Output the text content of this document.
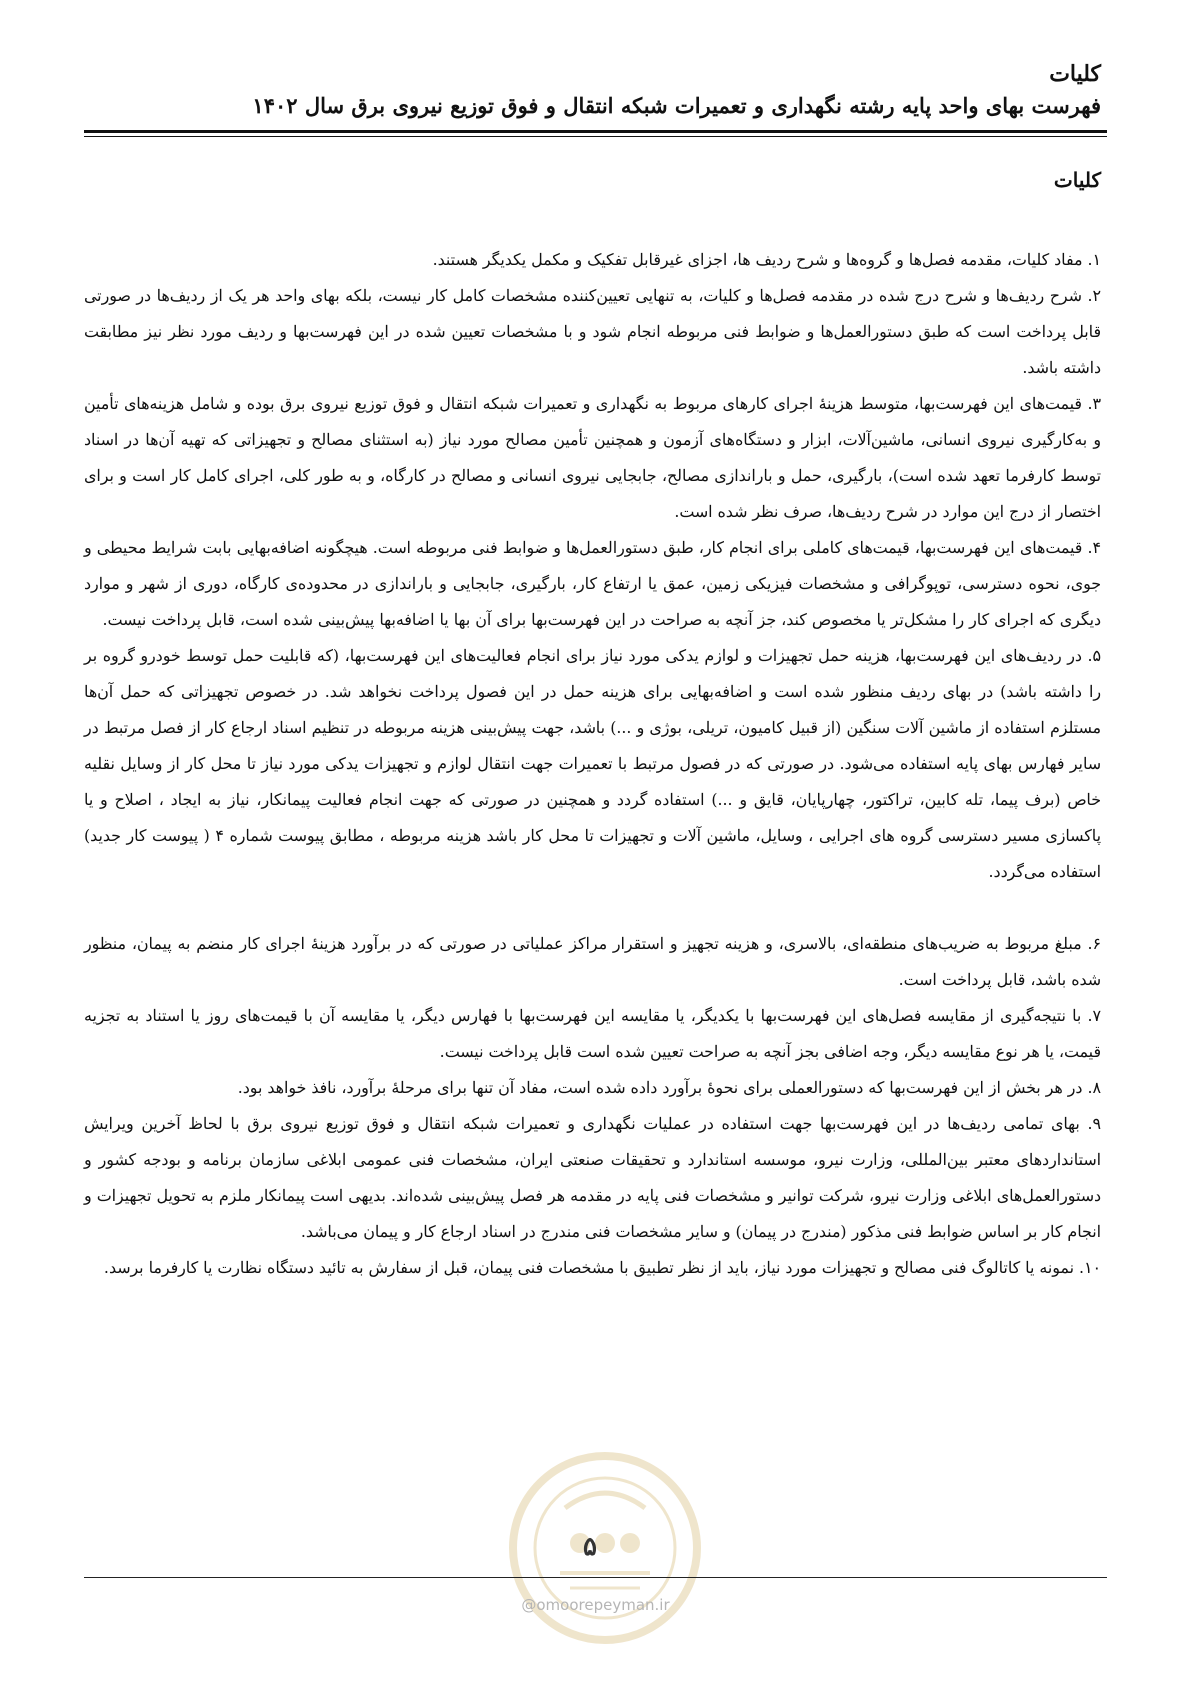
کلیات
فهرست بهای واحد پایه رشته نگهداری و تعمیرات شبکه انتقال و فوق توزیع نیروی برق سال ۱۴۰۲
کلیات

۱. مفاد کلیات، مقدمه فصل‌ها و گروه‌ها و شرح ردیف ها، اجزای غیرقابل تفکیک و مکمل یکدیگر هستند.

۲. شرح ردیف‌ها و شرح درج شده در مقدمه فصل‌ها و کلیات، به تنهایی تعیین‌کننده مشخصات کامل کار نیست، بلکه بهای واحد هر یک از ردیف‌ها در صورتی قابل پرداخت است که طبق دستورالعمل‌ها و ضوابط فنی مربوطه انجام شود و با مشخصات تعیین شده در این فهرست‌بها و ردیف مورد نظر نیز مطابقت داشته باشد.

۳. قیمت‌های این فهرست‌بها، متوسط هزینهٔ اجرای کارهای مربوط به نگهداری و تعمیرات شبکه انتقال و فوق توزیع نیروی برق بوده و شامل هزینه‌های تأمین و به‌کارگیری نیروی انسانی، ماشین‌آلات، ابزار و دستگاه‌های آزمون و همچنین تأمین مصالح مورد نیاز (به استثنای مصالح و تجهیزاتی که تهیه آن‌ها در اسناد توسط کارفرما تعهد شده است)، بارگیری، حمل و باراندازی مصالح، جابجایی نیروی انسانی و مصالح در کارگاه، و به طور کلی، اجرای کامل کار است و برای اختصار از درج این موارد در شرح ردیف‌ها، صرف نظر شده است.

۴. قیمت‌های این فهرست‌بها، قیمت‌های کاملی برای انجام کار، طبق دستورالعمل‌ها و ضوابط فنی مربوطه است. هیچگونه اضافه‌بهایی بابت شرایط محیطی و جوی، نحوه دسترسی، توپوگرافی و مشخصات فیزیکی زمین، عمق یا ارتفاع کار، بارگیری، جابجایی و باراندازی در محدوده‌ی کارگاه، دوری از شهر و موارد دیگری که اجرای کار را مشکل‌تر یا مخصوص کند، جز آنچه به صراحت در این فهرست‌بها برای آن بها یا اضافه‌بها پیش‌بینی شده است، قابل پرداخت نیست.

۵. در ردیف‌های این فهرست‌بها، هزینه حمل تجهیزات و لوازم یدکی مورد نیاز برای انجام فعالیت‌های این فهرست‌بها، (که قابلیت حمل توسط خودرو گروه بر را داشته باشد) در بهای ردیف منظور شده است و اضافه‌بهایی برای هزینه حمل در این فصول پرداخت نخواهد شد. در خصوص تجهیزاتی که حمل آن‌ها مستلزم استفاده از ماشین آلات سنگین (از قبیل کامیون، تریلی، بوژی و ...) باشد، جهت پیش‌بینی هزینه مربوطه در تنظیم اسناد ارجاع کار از فصل مرتبط در سایر فهارس بهای پایه استفاده می‌شود. در صورتی که در فصول مرتبط با تعمیرات جهت انتقال لوازم و تجهیزات یدکی مورد نیاز تا محل کار از وسایل نقلیه خاص (برف پیما، تله کابین، تراکتور، چهارپایان، قایق و ...) استفاده گردد و همچنین در صورتی که جهت انجام فعالیت پیمانکار، نیاز به ایجاد ، اصلاح و یا پاکسازی مسیر دسترسی گروه های اجرایی ، وسایل، ماشین آلات و تجهیزات تا محل کار باشد هزینه مربوطه ، مطابق پیوست شماره ۴ ( پیوست کار جدید) استفاده می‌گردد.

۶. مبلغ مربوط به ضریب‌های منطقه‌ای، بالاسری، و هزینه تجهیز و استقرار مراکز عملیاتی در صورتی که در برآورد هزینهٔ اجرای کار منضم به پیمان، منظور شده باشد، قابل پرداخت است.

۷. با نتیجه‌گیری از مقایسه فصل‌های این فهرست‌بها با یکدیگر، یا مقایسه این فهرست‌بها با فهارس دیگر، یا مقایسه آن با قیمت‌های روز یا استناد به تجزیه قیمت، یا هر نوع مقایسه دیگر، وجه اضافی بجز آنچه به صراحت تعیین شده است قابل پرداخت نیست.

۸. در هر بخش از این فهرست‌بها که دستورالعملی برای نحوهٔ برآورد داده شده است، مفاد آن تنها برای مرحلهٔ برآورد، نافذ خواهد بود.

۹. بهای تمامی ردیف‌ها در این فهرست‌بها جهت استفاده در عملیات نگهداری و تعمیرات شبکه انتقال و فوق توزیع نیروی برق با لحاظ آخرین ویرایش استانداردهای معتبر بین‌المللی، وزارت نیرو، موسسه استاندارد و تحقیقات صنعتی ایران، مشخصات فنی عمومی ابلاغی سازمان برنامه و بودجه کشور و دستورالعمل‌های ابلاغی وزارت نیرو، شرکت توانیر و مشخصات فنی پایه در مقدمه هر فصل پیش‌بینی شده‌اند. بدیهی است پیمانکار ملزم به تحویل تجهیزات و انجام کار بر اساس ضوابط فنی مذکور (مندرج در پیمان) و سایر مشخصات فنی مندرج در اسناد ارجاع کار و پیمان می‌باشد.

۱۰. نمونه یا کاتالوگ فنی مصالح و تجهیزات مورد نیاز، باید از نظر تطبیق با مشخصات فنی پیمان، قبل از سفارش به تائید دستگاه نظارت یا کارفرما برسد.

۵
@omoorepeyman.ir
